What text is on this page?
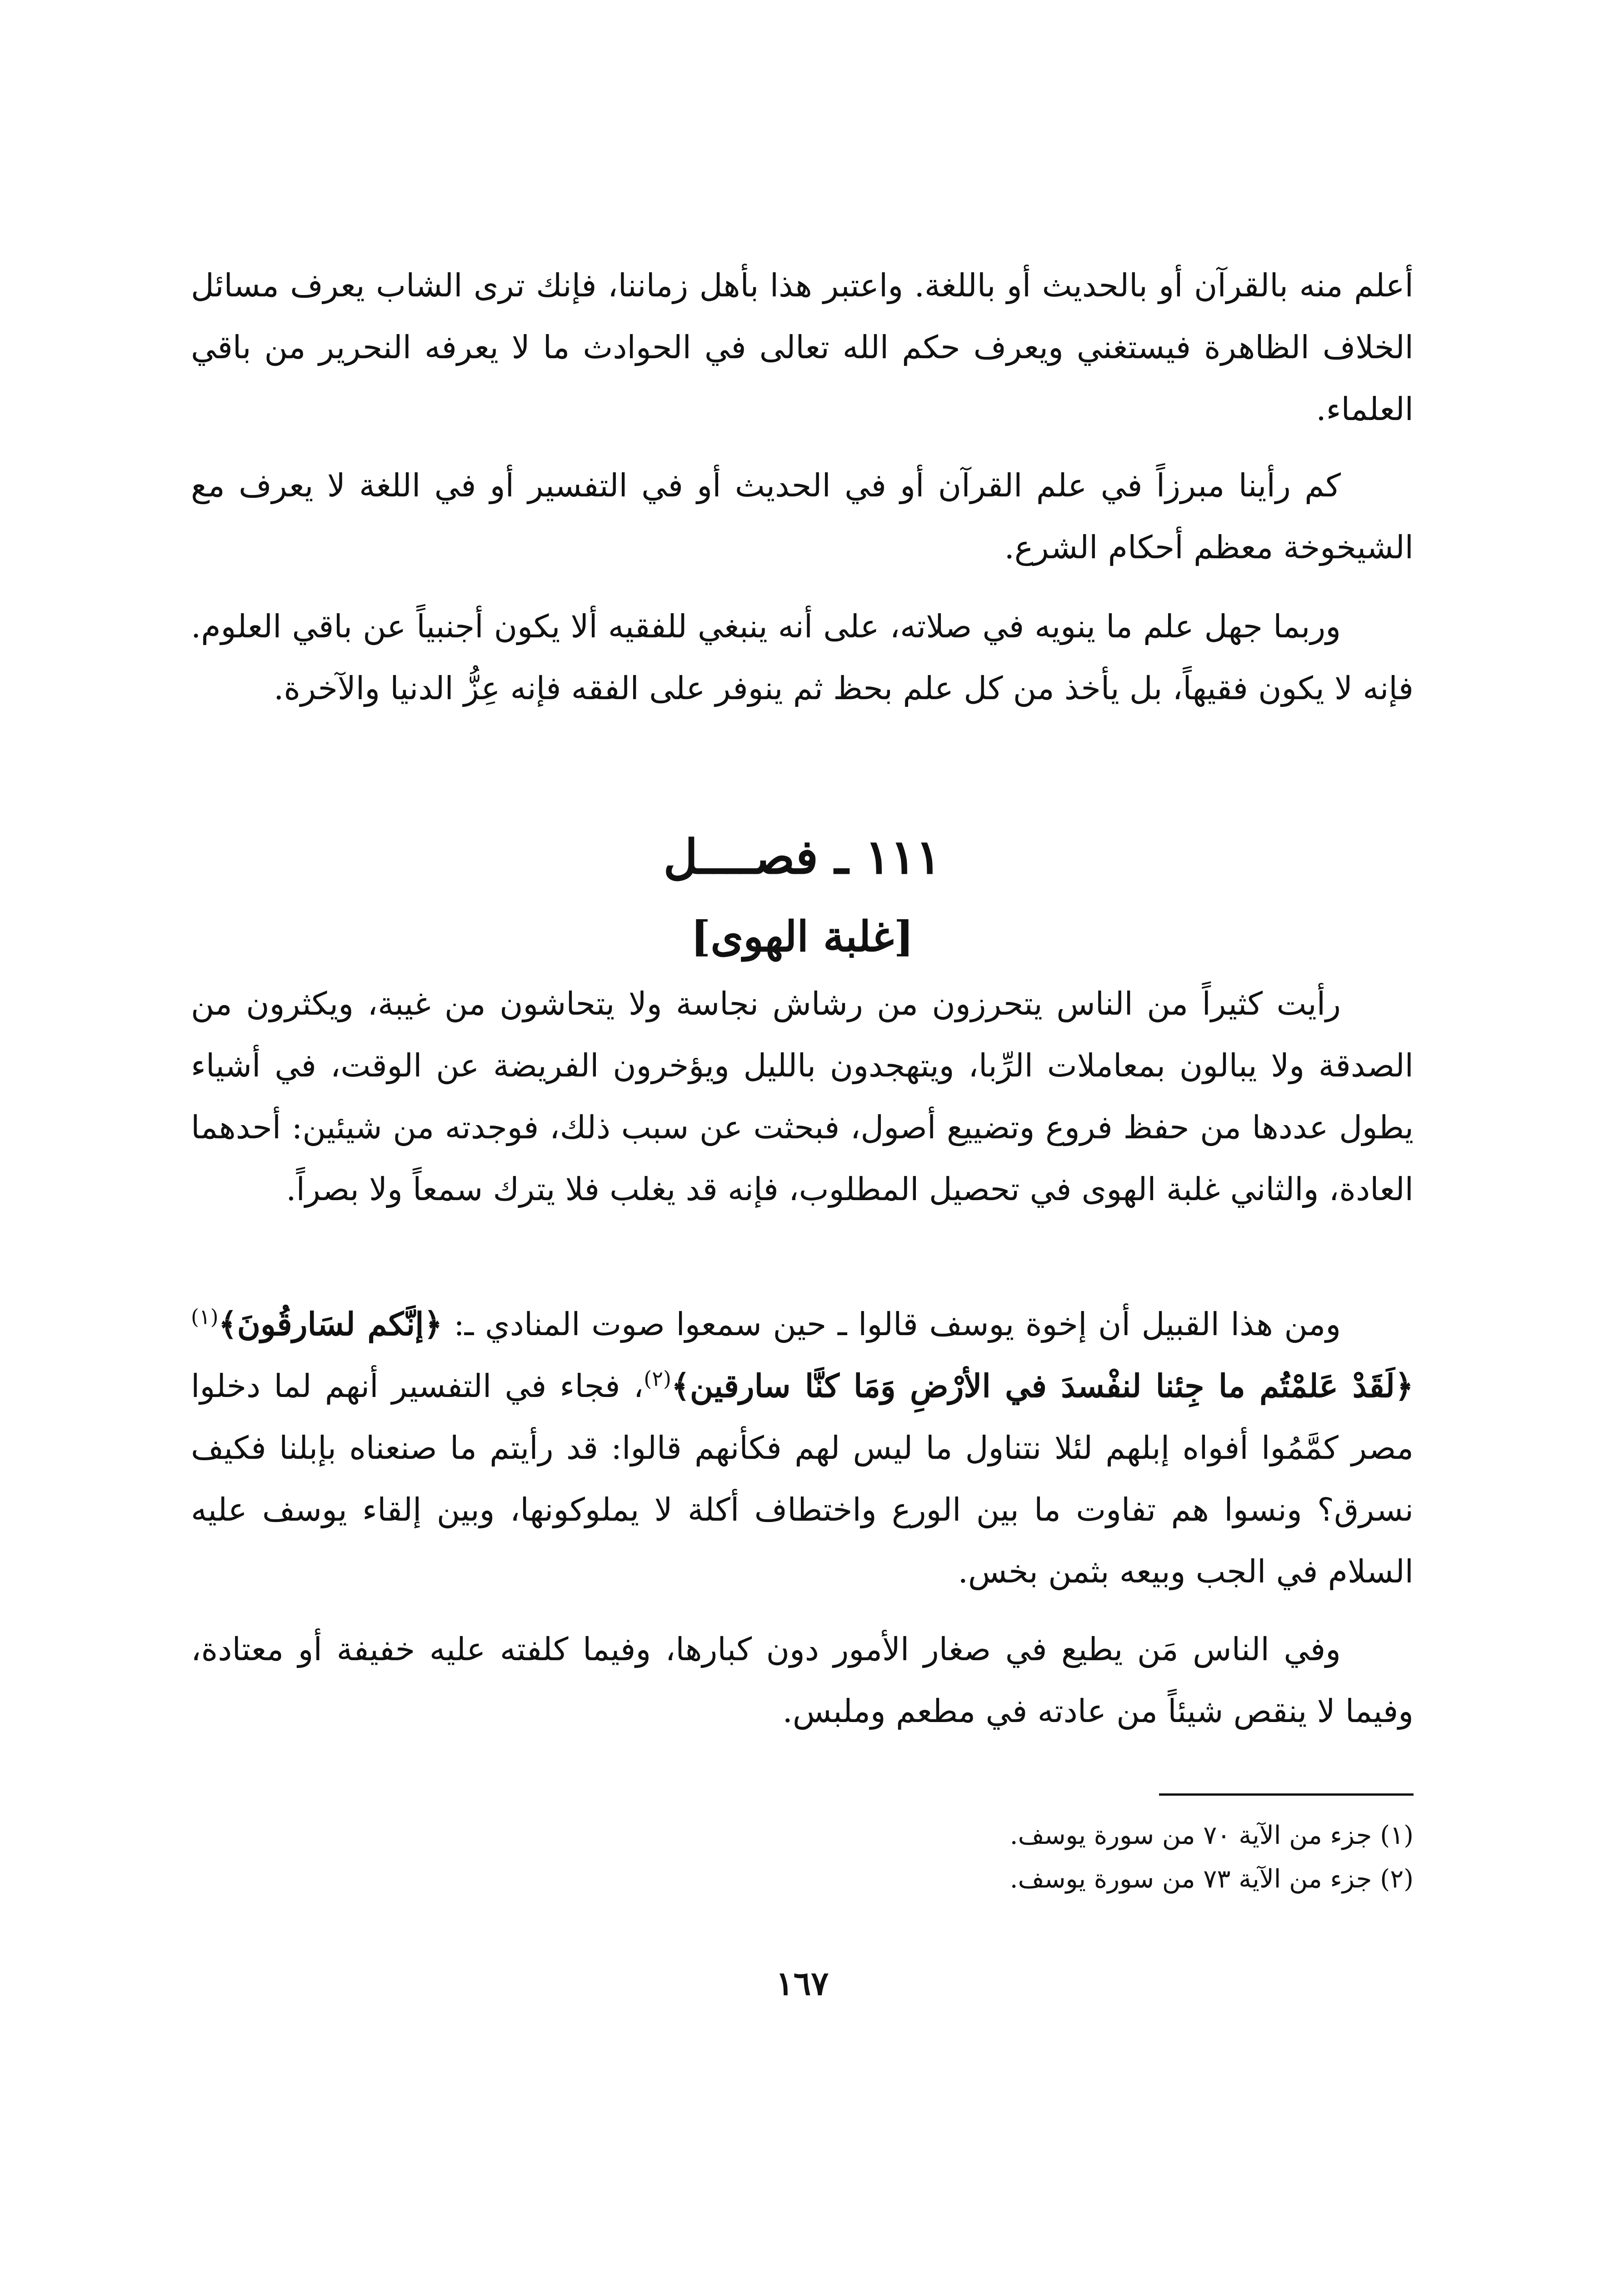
أعلم منه بالقرآن أو بالحديث أو باللغة. واعتبر هذا بأهل زماننا، فإنك ترى الشاب يعرف مسائل الخلاف الظاهرة فيستغني ويعرف حكم الله تعالى في الحوادث ما لا يعرفه النحرير من باقي العلماء.

كم رأينا مبرزاً في علم القرآن أو في الحديث أو في التفسير أو في اللغة لا يعرف مع الشيخوخة معظم أحكام الشرع.

وربما جهل علم ما ينويه في صلاته، على أنه ينبغي للفقيه ألا يكون أجنبياً عن باقي العلوم. فإنه لا يكون فقيهاً، بل يأخذ من كل علم بحظ ثم ينوفر على الفقه فإنه عِزُّ الدنيا والآخرة.

١١١ ـ فصــــل
[غلبة الهوى]

رأيت كثيراً من الناس يتحرزون من رشاش نجاسة ولا يتحاشون من غيبة، ويكثرون من الصدقة ولا يبالون بمعاملات الرِّبا، ويتهجدون بالليل ويؤخرون الفريضة عن الوقت، في أشياء يطول عددها من حفظ فروع وتضييع أصول، فبحثت عن سبب ذلك، فوجدته من شيئين: أحدهما العادة، والثاني غلبة الهوى في تحصيل المطلوب، فإنه قد يغلب فلا يترك سمعاً ولا بصراً.

ومن هذا القبيل أن إخوة يوسف قالوا ـ حين سمعوا صوت المنادي ـ: ﴿إنَّكم لسَارقُونَ﴾$^{(١)}$ ﴿لَقَدْ عَلمْتُم ما جِئنا لنفْسدَ في الأرْضِ وَمَا كنَّا سارقين﴾$^{(٢)}$، فجاء في التفسير أنهم لما دخلوا مصر كمَّمُوا أفواه إبلهم لئلا نتناول ما ليس لهم فكأنهم قالوا: قد رأيتم ما صنعناه بإبلنا فكيف نسرق؟ ونسوا هم تفاوت ما بين الورع واختطاف أكلة لا يملوكونها، وبين إلقاء يوسف عليه السلام في الجب وبيعه بثمن بخس.

وفي الناس مَن يطيع في صغار الأمور دون كبارها، وفيما كلفته عليه خفيفة أو معتادة، وفيما لا ينقص شيئاً من عادته في مطعم وملبس.

(١) جزء من الآية ٧٠ من سورة يوسف.

(٢) جزء من الآية ٧٣ من سورة يوسف.

١٦٧
